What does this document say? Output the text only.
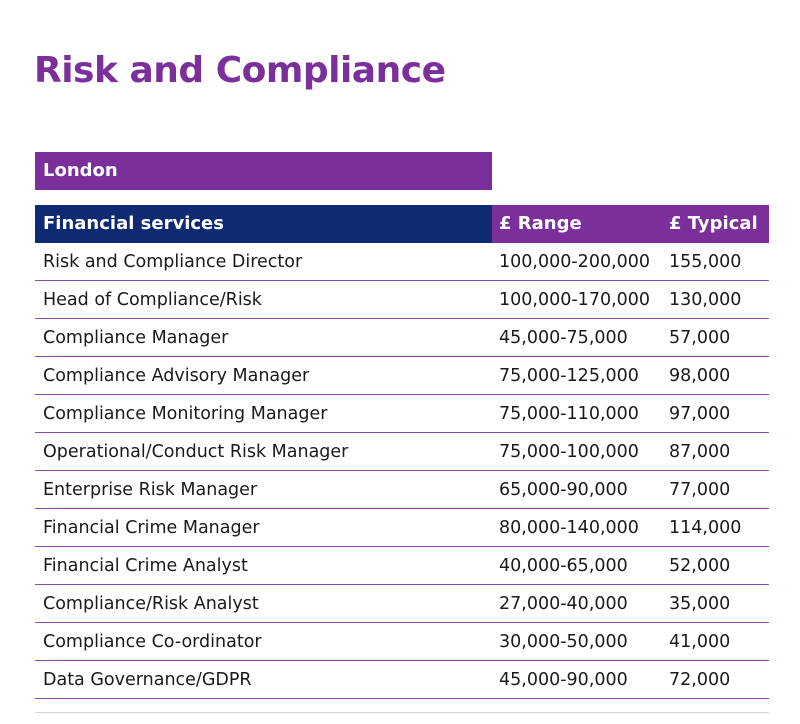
Risk and Compliance
London
Financial services	£ Range	£ Typical
Risk and Compliance Director	100,000-200,000	155,000
Head of Compliance/Risk	100,000-170,000	130,000
Compliance Manager	45,000-75,000	57,000
Compliance Advisory Manager	75,000-125,000	98,000
Compliance Monitoring Manager	75,000-110,000	97,000
Operational/Conduct Risk Manager	75,000-100,000	87,000
Enterprise Risk Manager	65,000-90,000	77,000
Financial Crime Manager	80,000-140,000	114,000
Financial Crime Analyst	40,000-65,000	52,000
Compliance/Risk Analyst	27,000-40,000	35,000
Compliance Co-ordinator	30,000-50,000	41,000
Data Governance/GDPR	45,000-90,000	72,000
